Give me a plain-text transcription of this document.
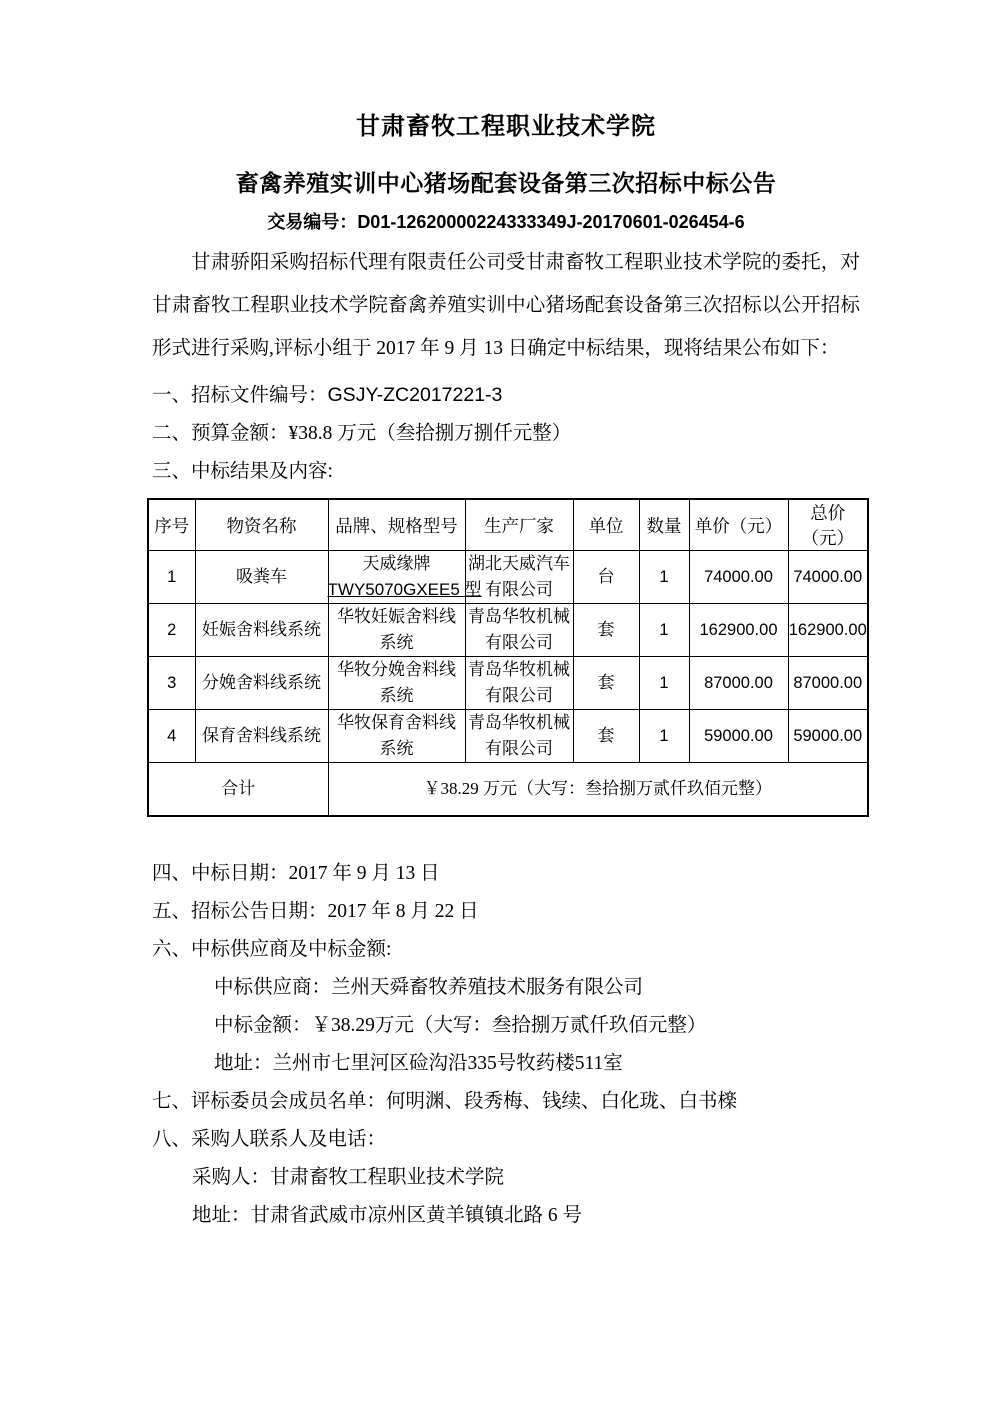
甘肃畜牧工程职业技术学院
畜禽养殖实训中心猪场配套设备第三次招标中标公告
交易编号：D01-12620000224333349J-20170601-026454-6

甘肃骄阳采购招标代理有限责任公司受甘肃畜牧工程职业技术学院的委托，对甘肃畜牧工程职业技术学院畜禽养殖实训中心猪场配套设备第三次招标以公开招标形式进行采购,评标小组于 2017 年 9 月 13 日确定中标结果，现将结果公布如下：

一、招标文件编号：GSJY-ZC2017221-3
二、预算金额：¥38.8 万元（叁拾捌万捌仟元整）
三、中标结果及内容:
序号	物资名称	品牌、规格型号	生产厂家	单位	数量	单价（元）	总价（元）
1	吸粪车	天威缘牌
TWY5070GXEE5 型	湖北天威汽车
有限公司	台	1	74000.00	74000.00
2	妊娠舍料线系统	华牧妊娠舍料线
系统	青岛华牧机械
有限公司	套	1	162900.00	162900.00
3	分娩舍料线系统	华牧分娩舍料线
系统	青岛华牧机械
有限公司	套	1	87000.00	87000.00
4	保育舍料线系统	华牧保育舍料线
系统	青岛华牧机械
有限公司	套	1	59000.00	59000.00
合计		￥38.29 万元（大写：叁拾捌万贰仟玖佰元整）					
四、中标日期：2017 年 9 月 13 日
五、招标公告日期：2017 年 8 月 22 日
六、中标供应商及中标金额:
中标供应商：兰州天舜畜牧养殖技术服务有限公司
中标金额：￥38.29万元（大写：叁拾捌万贰仟玖佰元整）
地址：兰州市七里河区硷沟沿335号牧药楼511室
七、评标委员会成员名单：何明渊、段秀梅、钱续、白化珑、白书檪
八、采购人联系人及电话：
采购人：甘肃畜牧工程职业技术学院
地址：甘肃省武威市凉州区黄羊镇镇北路 6 号
